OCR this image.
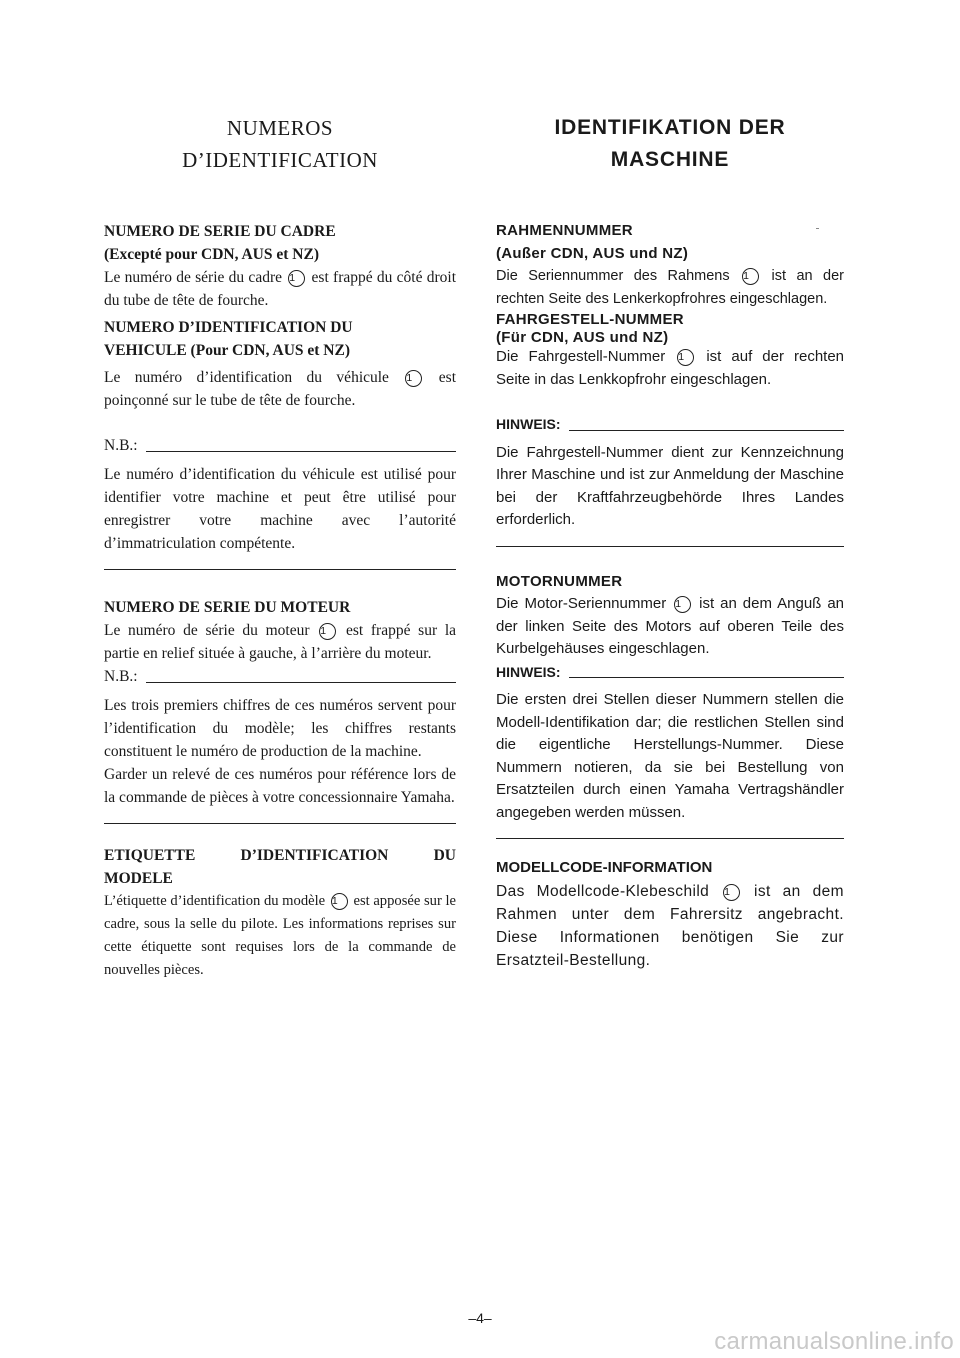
NUMEROS
D’IDENTIFICATION

NUMERO DE SERIE DU CADRE

(Excepté pour CDN, AUS et NZ)

Le numéro de série du cadre 1 est frappé du côté droit du tube de tête de fourche.

NUMERO D’IDENTIFICATION DU

VEHICULE (Pour CDN, AUS et NZ)

Le numéro d’identification du véhicule 1 est poinçonné sur le tube de tête de fourche.

N.B.:

Le numéro d’identification du véhicule est utilisé pour identifier votre machine et peut être utilisé pour enregistrer votre machine avec l’autorité d’immatriculation compétente.

NUMERO DE SERIE DU MOTEUR

Le numéro de série du moteur 1 est frappé sur la partie en relief située à gauche, à l’arrière du moteur.

N.B.:

Les trois premiers chiffres de ces numéros servent pour l’identification du modèle; les chiffres restants constituent le numéro de production de la machine.

Garder un relevé de ces numéros pour référence lors de la commande de pièces à votre concessionnaire Yamaha.

ETIQUETTE D’IDENTIFICATION DU

MODELE

L’étiquette d’identification du modèle 1 est apposée sur le cadre, sous la selle du pilote. Les informations reprises sur cette étiquette sont requises lors de la commande de nouvelles pièces.

IDENTIFIKATION DER
MASCHINE

RAHMENNUMMER

(Außer CDN, AUS und NZ)

Die Seriennummer des Rahmens 1 ist an der rechten Seite des Lenkerkopfrohres eingeschlagen.

FAHRGESTELL-NUMMER

(Für CDN, AUS und NZ)

Die Fahrgestell-Nummer 1 ist auf der rechten Seite in das Lenkkopfrohr eingeschlagen.

HINWEIS:

Die Fahrgestell-Nummer dient zur Kennzeichnung Ihrer Maschine und ist zur Anmeldung der Maschine bei der Kraftfahrzeugbehörde Ihres Landes erforderlich.

MOTORNUMMER

Die Motor-Seriennummer 1 ist an dem Anguß an der linken Seite des Motors auf oberen Teile des Kurbelgehäuses eingeschlagen.

HINWEIS:

Die ersten drei Stellen dieser Nummern stellen die Modell-Identifikation dar; die restlichen Stellen sind die eigentliche Herstellungs-Nummer. Diese Nummern notieren, da sie bei Bestellung von Ersatzteilen durch einen Yamaha Vertragshändler angegeben werden müssen.

MODELLCODE-INFORMATION

Das Modellcode-Klebeschild 1 ist an dem Rahmen unter dem Fahrersitz angebracht. Diese Informationen benötigen Sie zur Ersatzteil-Bestellung.

–4–
carmanualsonline.info
